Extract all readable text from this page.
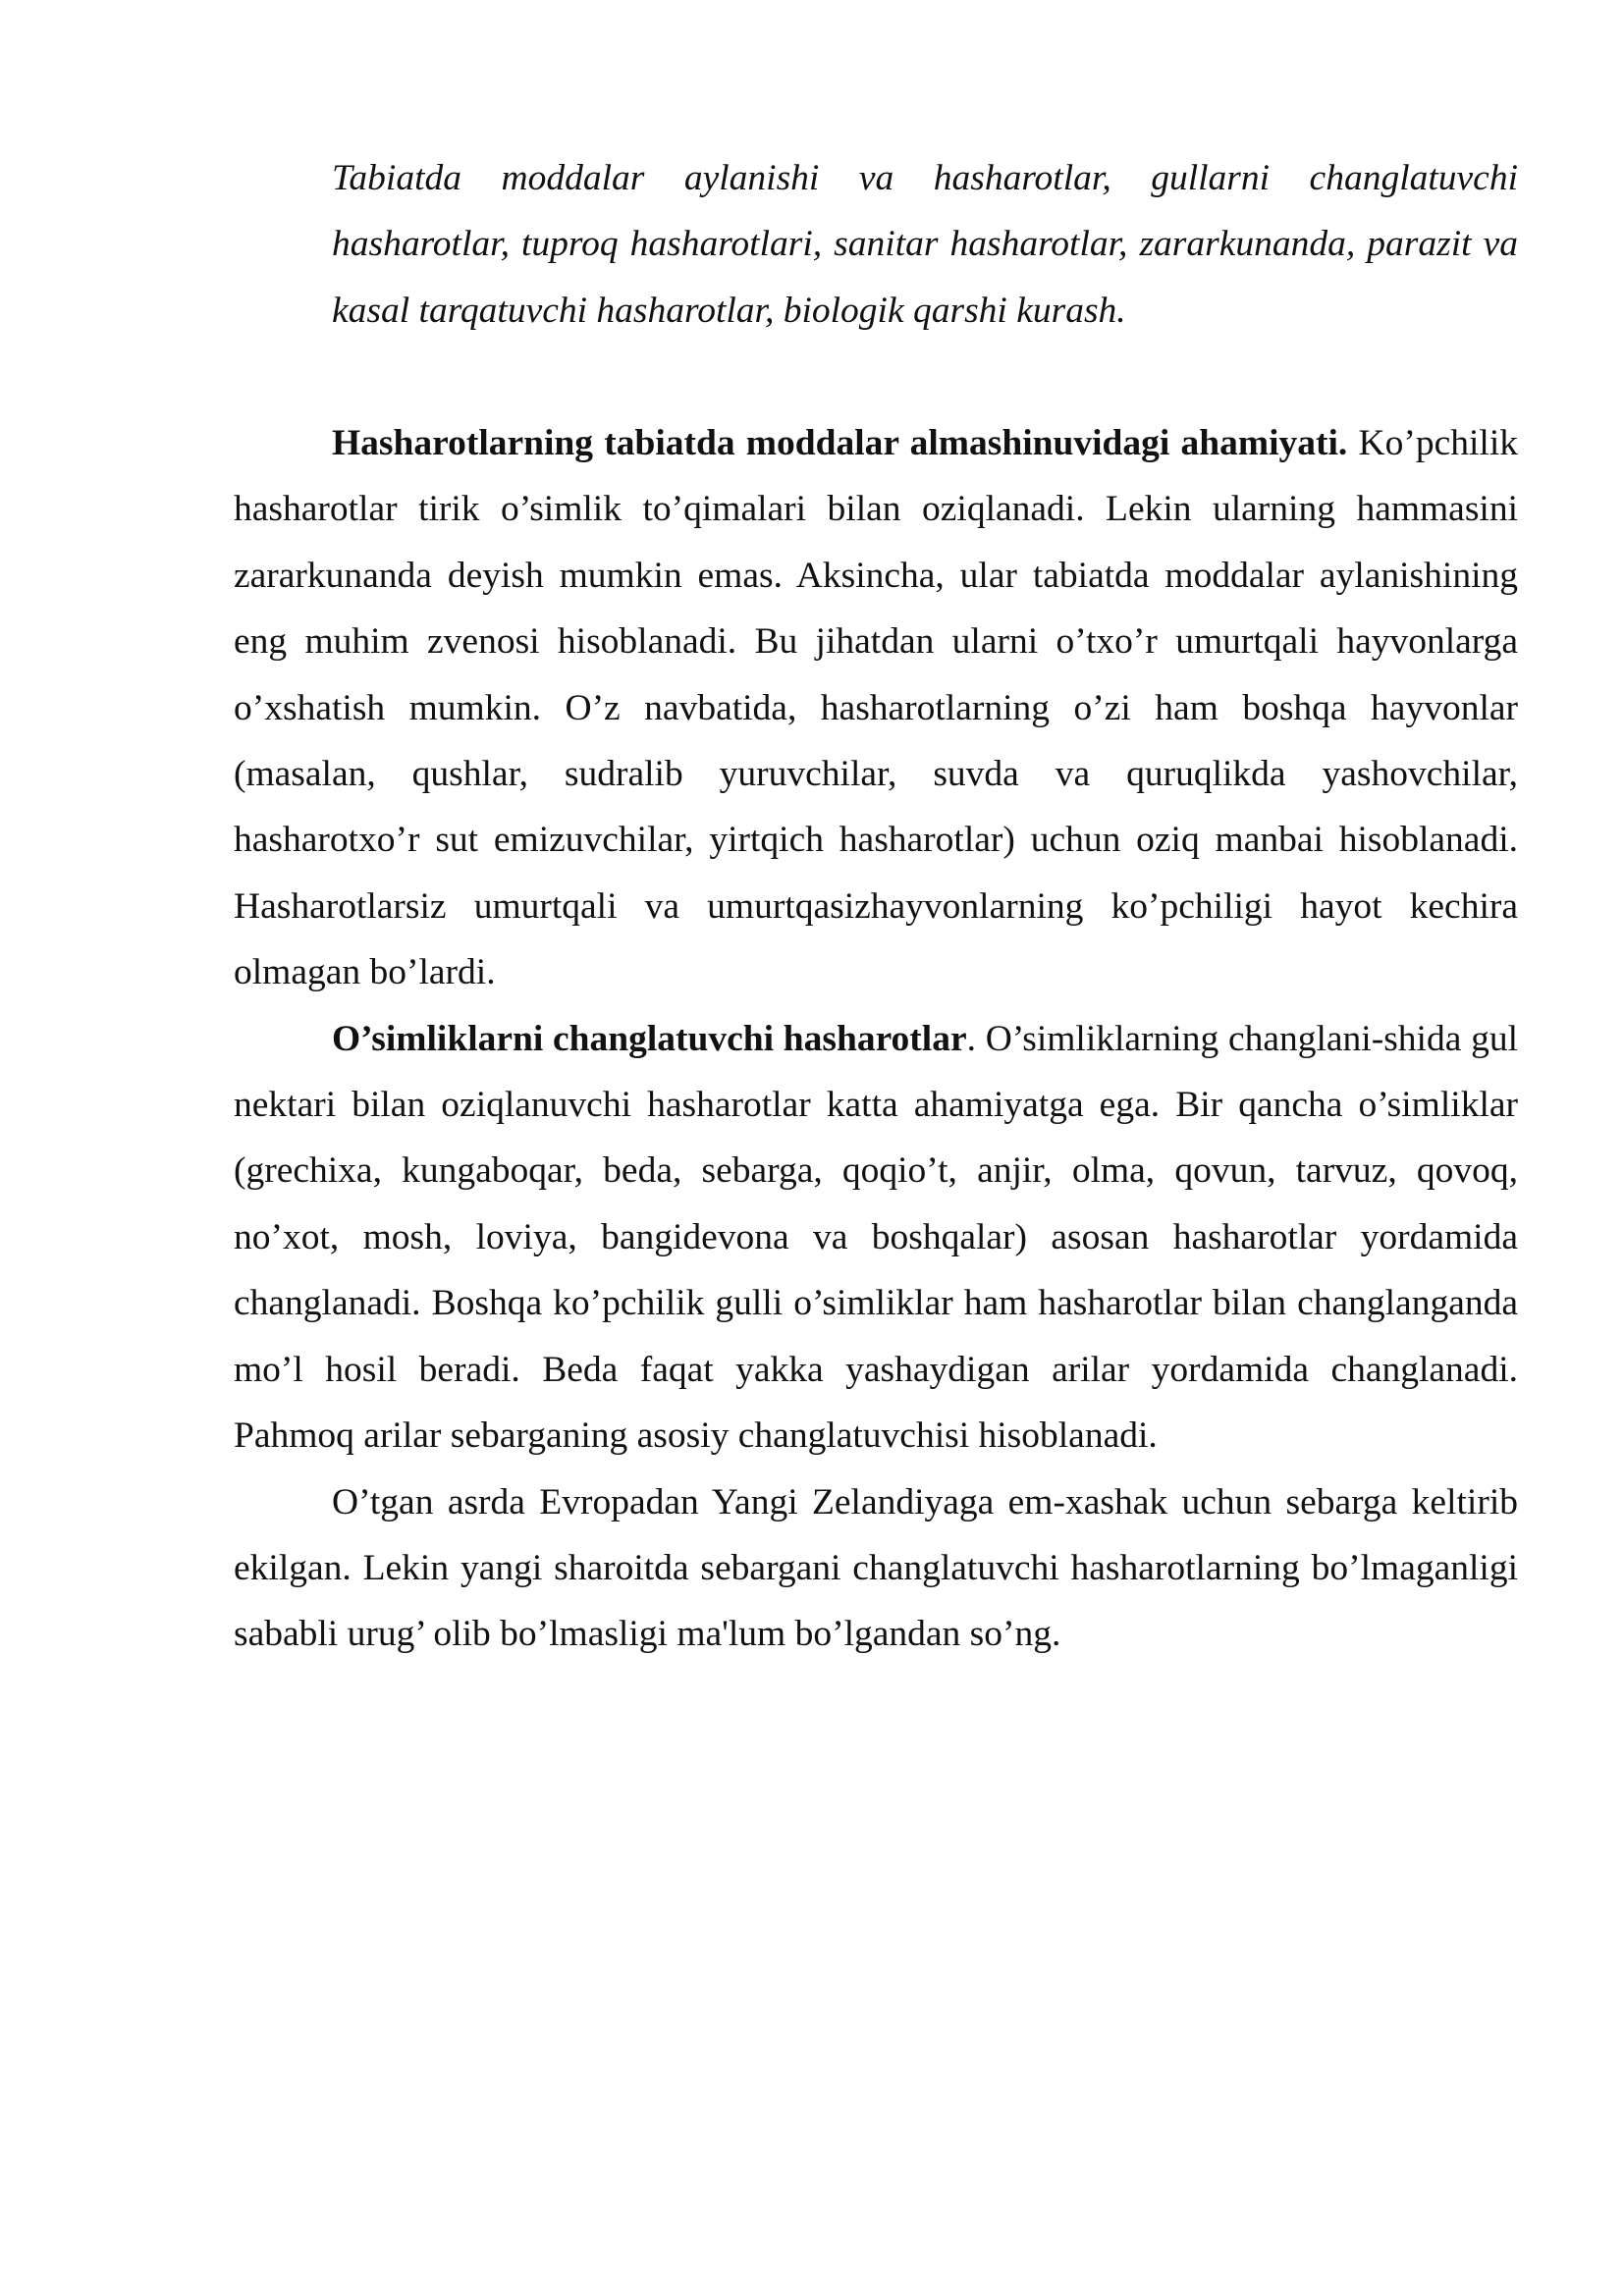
Tabiatda moddalar aylanishi va hasharotlar, gullarni changlatuvchi hasharotlar, tuproq hasharotlari, sanitar hasharotlar, zararkunanda, parazit va kasal tarqatuvchi hasharotlar, biologik qarshi kurash.

Hasharotlarning tabiatda moddalar almashinuvidagi ahamiyati. Ko’pchilik hasharotlar tirik o’simlik to’qimalari bilan oziqlanadi. Lekin ularning hammasini zararkunanda deyish mumkin emas. Aksincha, ular tabiatda moddalar aylanishining eng muhim zvenosi hisoblanadi. Bu jihatdan ularni o’txo’r umurtqali hayvonlarga o’xshatish mumkin. O’z navbatida, hasharotlarning o’zi ham boshqa hayvonlar (masalan, qushlar, sudralib yuruvchilar, suvda va quruqlikda yashovchilar, hasharotxo’r sut emizuvchilar, yirtqich hasharotlar) uchun oziq manbai hisoblanadi. Hasharotlarsiz umurtqali va umurtqasizhayvonlarning ko’pchiligi hayot kechira olmagan bo’lardi.

O’simliklarni changlatuvchi hasharotlar. O’simliklarning changlani-shida gul nektari bilan oziqlanuvchi hasharotlar katta ahamiyatga ega. Bir qancha o’simliklar (grechixa, kungaboqar, beda, sebarga, qoqio’t, anjir, olma, qovun, tarvuz, qovoq, no’xot, mosh, loviya, bangidevona va boshqalar) asosan hasharotlar yordamida changlanadi. Boshqa ko’pchilik gulli o’simliklar ham hasharotlar bilan changlanganda mo’l hosil beradi. Beda faqat yakka yashaydigan arilar yordamida changlanadi. Pahmoq arilar sebarganing asosiy changlatuvchisi hisoblanadi.

O’tgan asrda Evropadan Yangi Zelandiyaga em-xashak uchun sebarga keltirib ekilgan. Lekin yangi sharoitda sebargani changlatuvchi hasharotlarning bo’lmaganligi sababli urug’ olib bo’lmasligi ma'lum bo’lgandan so’ng.
